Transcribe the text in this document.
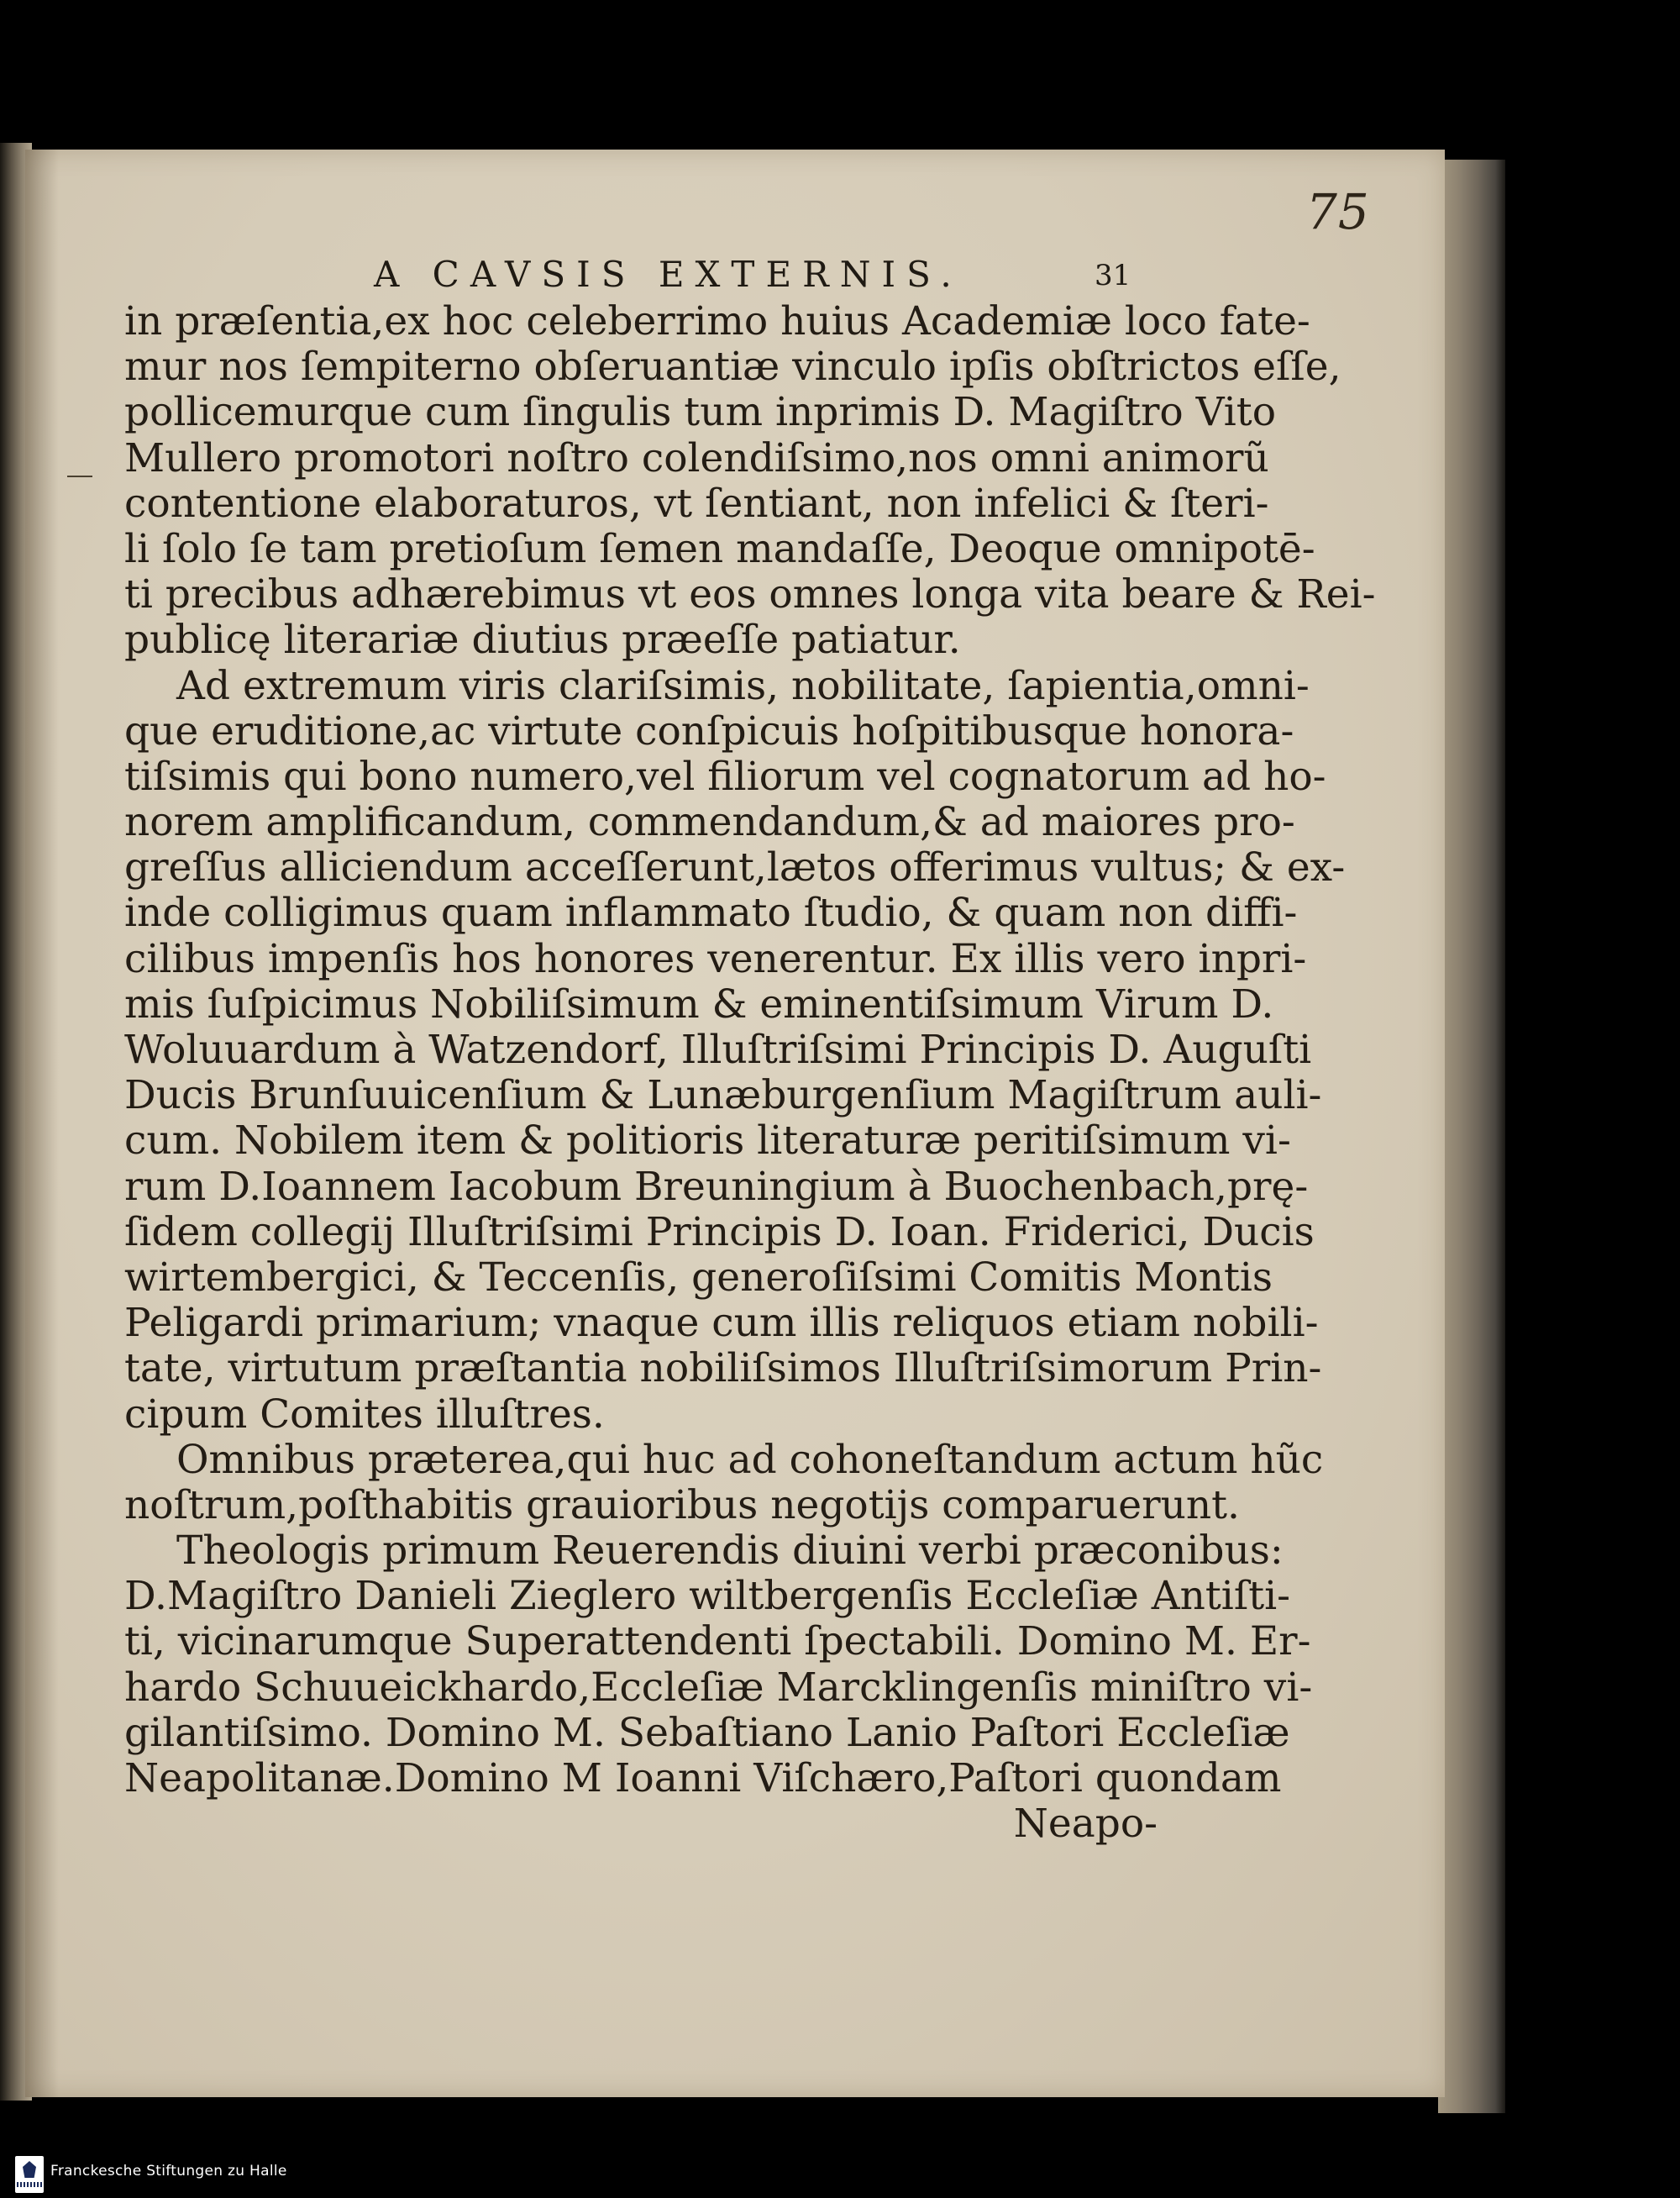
75
A CAVSIS EXTERNIS.	31
in præſentia,ex hoc celeberrimo huius Academiæ loco fate-
mur nos ſempiterno obſeruantiæ vinculo ipſis obſtrictos eſſe,
pollicemurque cum ſingulis tum inprimis D. Magiſtro Vito
Mullero promotori noſtro colendiſsimo,nos omni animorũ
contentione elaboraturos, vt ſentiant, non infelici & ſteri-
li ſolo ſe tam pretioſum ſemen mandaſſe, Deoque omnipotē-
ti precibus adhærebimus vt eos omnes longa vita beare & Rei-
publicę literariæ diutius præeſſe patiatur.
Ad extremum viris clariſsimis, nobilitate, ſapientia,omni-
que eruditione,ac virtute conſpicuis hoſpitibusque honora-
tiſsimis qui bono numero,vel filiorum vel cognatorum ad ho-
norem amplificandum, commendandum,& ad maiores pro-
greſſus alliciendum acceſſerunt,lætos offerimus vultus; & ex-
inde colligimus quam inflammato ſtudio, & quam non diffi-
cilibus impenſis hos honores venerentur. Ex illis vero inpri-
mis ſuſpicimus Nobiliſsimum & eminentiſsimum Virum D.
Woluuardum à Watzendorf, Illuſtriſsimi Principis D. Auguſti
Ducis Brunſuuicenſium & Lunæburgenſium Magiſtrum auli-
cum. Nobilem item & politioris literaturæ peritiſsimum vi-
rum D.Ioannem Iacobum Breuningium à Buochenbach,prę-
ſidem collegij Illuſtriſsimi Principis D. Ioan. Friderici, Ducis
wirtembergici, & Teccenſis, generoſiſsimi Comitis Montis
Peligardi primarium; vnaque cum illis reliquos etiam nobili-
tate, virtutum præſtantia nobiliſsimos Illuſtriſsimorum Prin-
cipum Comites illuſtres.
Omnibus præterea,qui huc ad cohoneſtandum actum hũc
noſtrum,poſthabitis grauioribus negotijs comparuerunt.
Theologis primum Reuerendis diuini verbi præconibus:
D.Magiſtro Danieli Zieglero wiltbergenſis Eccleſiæ Antiſti-
ti, vicinarumque Superattendenti ſpectabili. Domino M. Er-
hardo Schuueickhardo,Eccleſiæ Marcklingenſis miniſtro vi-
gilantiſsimo. Domino M. Sebaſtiano Lanio Paſtori Eccleſiæ
Neapolitanæ.Domino M Ioanni Viſchæro,Paſtori quondam
Neapo-
Franckesche Stiftungen zu Halle
